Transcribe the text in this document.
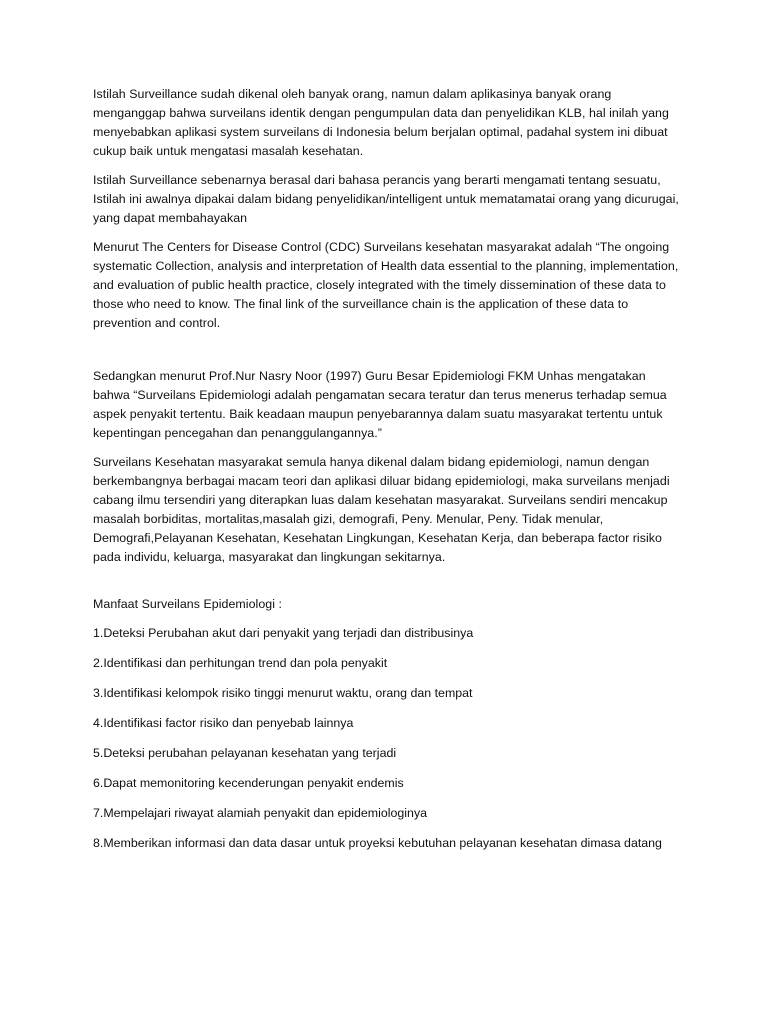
Istilah Surveillance sudah dikenal oleh banyak orang, namun dalam aplikasinya banyak orang menganggap bahwa surveilans identik dengan pengumpulan data dan penyelidikan KLB, hal inilah yang menyebabkan aplikasi system surveilans di Indonesia belum berjalan optimal, padahal system ini dibuat cukup baik untuk mengatasi masalah kesehatan.

Istilah Surveillance sebenarnya berasal dari bahasa perancis yang berarti mengamati tentang sesuatu, Istilah ini awalnya dipakai dalam bidang penyelidikan/intelligent untuk mematamatai orang yang dicurugai, yang dapat membahayakan

Menurut The Centers for Disease Control (CDC) Surveilans kesehatan masyarakat adalah “The ongoing systematic Collection, analysis and interpretation of Health data essential to the planning, implementation, and evaluation of public health practice, closely integrated with the timely dissemination of these data to those who need to know. The final link of the surveillance chain is the application of these data to prevention and control.

Sedangkan menurut Prof.Nur Nasry Noor (1997) Guru Besar Epidemiologi FKM Unhas mengatakan bahwa “Surveilans Epidemiologi adalah pengamatan secara teratur dan terus menerus terhadap semua aspek penyakit tertentu. Baik keadaan maupun penyebarannya dalam suatu masyarakat tertentu untuk kepentingan pencegahan dan penanggulangannya.”

Surveilans Kesehatan masyarakat semula hanya dikenal dalam bidang epidemiologi, namun dengan berkembangnya berbagai macam teori dan aplikasi diluar bidang epidemiologi, maka surveilans menjadi cabang ilmu tersendiri yang diterapkan luas dalam kesehatan masyarakat. Surveilans sendiri mencakup masalah borbiditas, mortalitas,masalah gizi, demografi, Peny. Menular, Peny. Tidak menular, Demografi,Pelayanan Kesehatan, Kesehatan Lingkungan, Kesehatan Kerja, dan beberapa factor risiko pada individu, keluarga, masyarakat dan lingkungan sekitarnya.

Manfaat Surveilans Epidemiologi :

1.Deteksi Perubahan akut dari penyakit yang terjadi dan distribusinya

2.Identifikasi dan perhitungan trend dan pola penyakit

3.Identifikasi kelompok risiko tinggi menurut waktu, orang dan tempat

4.Identifikasi factor risiko dan penyebab lainnya

5.Deteksi perubahan pelayanan kesehatan yang terjadi

6.Dapat memonitoring kecenderungan penyakit endemis

7.Mempelajari riwayat alamiah penyakit dan epidemiologinya

8.Memberikan informasi dan data dasar untuk proyeksi kebutuhan pelayanan kesehatan dimasa datang
